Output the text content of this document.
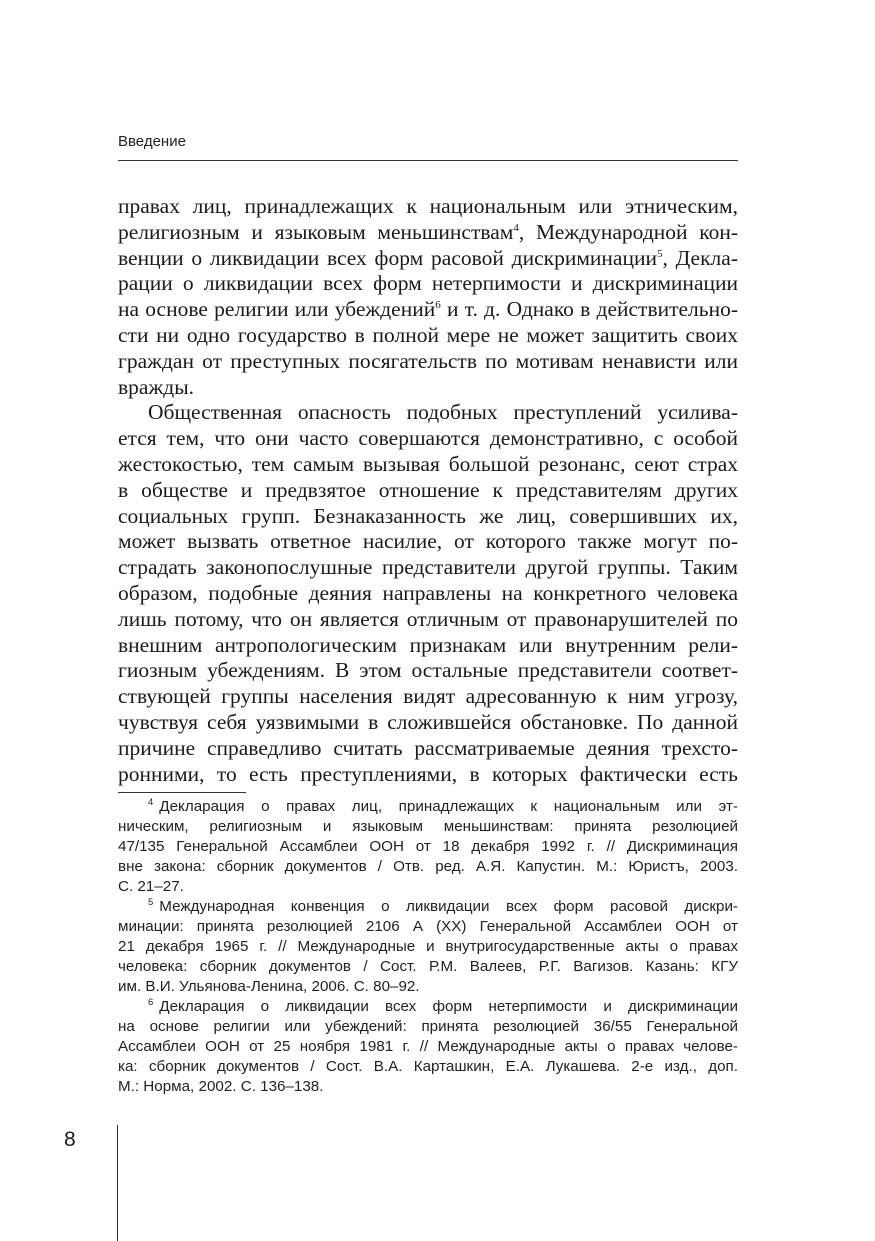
Введение
правах лиц, принадлежащих к национальным или этническим,
религиозным и языковым меньшинствам$^4$, Международной кон-
венции о ликвидации всех форм расовой дискриминации$^5$, Декла-
рации о ликвидации всех форм нетерпимости и дискриминации
на основе религии или убеждений$^6$ и т. д. Однако в действительно-
сти ни одно государство в полной мере не может защитить своих
граждан от преступных посягательств по мотивам ненависти или
вражды.
Общественная опасность подобных преступлений усилива-
ется тем, что они часто совершаются демонстративно, с особой
жестокостью, тем самым вызывая большой резонанс, сеют страх
в обществе и предвзятое отношение к представителям других
социальных групп. Безнаказанность же лиц, совершивших их,
может вызвать ответное насилие, от которого также могут по-
страдать законопослушные представители другой группы. Таким
образом, подобные деяния направлены на конкретного человека
лишь потому, что он является отличным от правонарушителей по
внешним антропологическим признакам или внутренним рели-
гиозным убеждениям. В этом остальные представители соответ-
ствующей группы населения видят адресованную к ним угрозу,
чувствуя себя уязвимыми в сложившейся обстановке. По данной
причине справедливо считать рассматриваемые деяния трехсто-
ронними, то есть преступлениями, в которых фактически есть
$^4$ Декларация о правах лиц, принадлежащих к национальным или эт-
ническим, религиозным и языковым меньшинствам: принята резолюцией
47/135 Генеральной Ассамблеи ООН от 18 декабря 1992 г. // Дискриминация
вне закона: сборник документов / Отв. ред. А.Я. Капустин. М.: Юристъ, 2003.
С. 21–27.
$^5$ Международная конвенция о ликвидации всех форм расовой дискри-
минации: принята резолюцией 2106 А (XX) Генеральной Ассамблеи ООН от
21 декабря 1965 г. // Международные и внутригосударственные акты о правах
человека: сборник документов / Сост. Р.М. Валеев, Р.Г. Вагизов. Казань: КГУ
им. В.И. Ульянова-Ленина, 2006. С. 80–92.
$^6$ Декларация о ликвидации всех форм нетерпимости и дискриминации
на основе религии или убеждений: принята резолюцией 36/55 Генеральной
Ассамблеи ООН от 25 ноября 1981 г. // Международные акты о правах челове-
ка: сборник документов / Сост. В.А. Карташкин, Е.А. Лукашева. 2-е изд., доп.
М.: Норма, 2002. С. 136–138.
8
